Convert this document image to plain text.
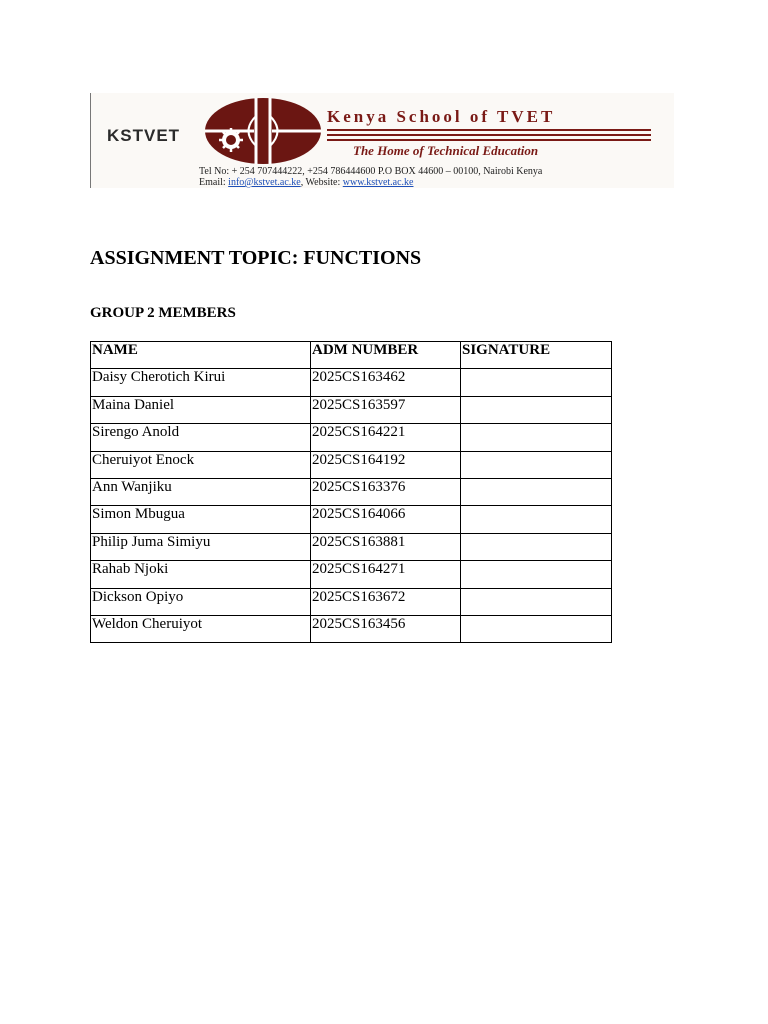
KSTVET
Kenya School of TVET
The Home of Technical Education
Tel No: + 254 707444222, +254 786444600 P.O BOX 44600 – 00100, Nairobi Kenya
Email: info@kstvet.ac.ke, Website: www.kstvet.ac.ke
ASSIGNMENT TOPIC: FUNCTIONS
GROUP 2 MEMBERS
NAME	ADM NUMBER	SIGNATURE
Daisy Cherotich Kirui	2025CS163462	
Maina Daniel	2025CS163597	
Sirengo Anold	2025CS164221	
Cheruiyot Enock	2025CS164192	
Ann Wanjiku	2025CS163376	
Simon Mbugua	2025CS164066	
Philip Juma Simiyu	2025CS163881	
Rahab Njoki	2025CS164271	
Dickson Opiyo	2025CS163672	
Weldon Cheruiyot	2025CS163456	
